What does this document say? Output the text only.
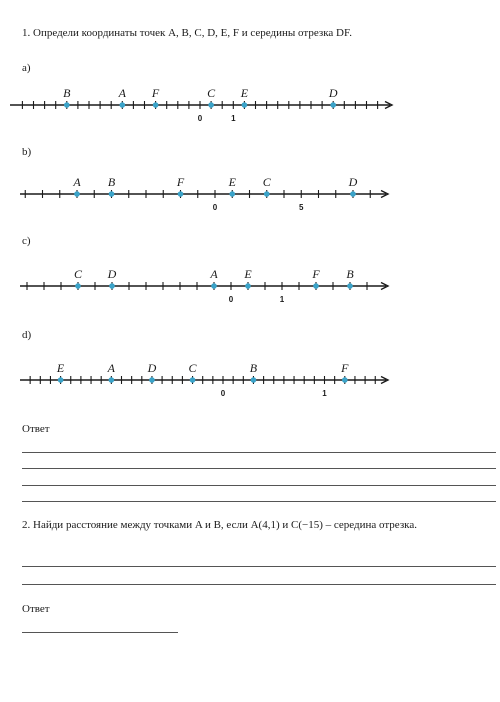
1. Определи координаты точек A, B, C, D, E, F и середины отрезка DF.
a)
0	1
B	A F	C E	D
b)
0	5
A B	F	E C	D
c)
0	1
C D	A E	F B
d)
0	1
E	A	D	C	B	F
Ответ
2. Найди расстояние между точками A и B, если A(4,1) и C(−15) – середина отрезка.
Ответ
